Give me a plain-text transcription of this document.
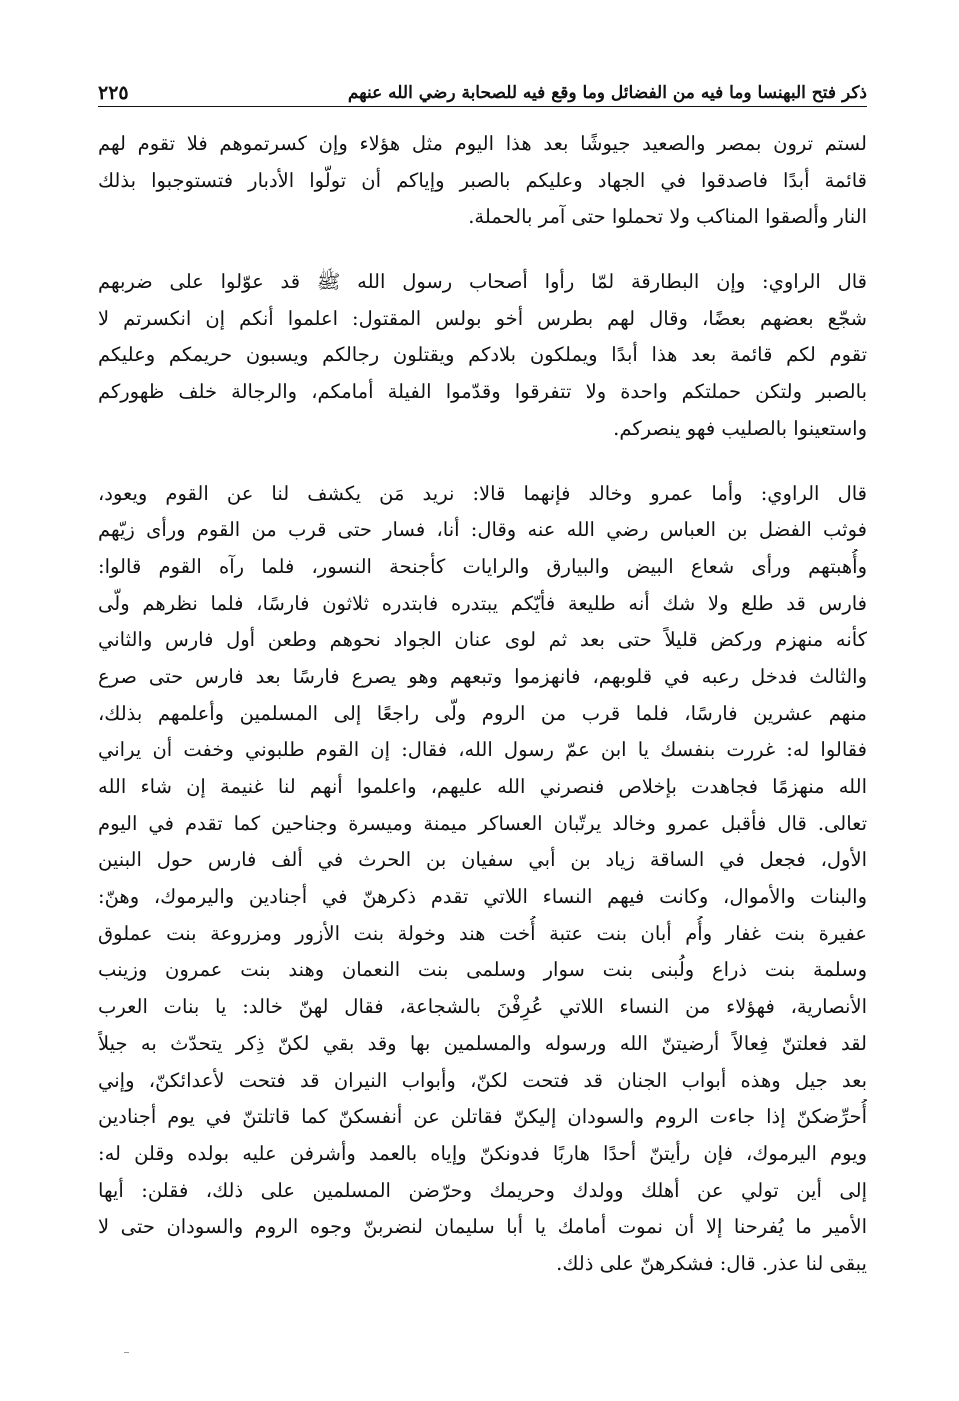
ذكر فتح البهنسا وما فيه من الفضائل وما وقع فيه للصحابة رضي الله عنهم
٢٢٥
لستم ترون بمصر والصعيد جيوشًا بعد هذا اليوم مثل هؤلاء وإن كسرتموهم فلا تقوم لهم
قائمة أبدًا فاصدقوا في الجهاد وعليكم بالصبر وإياكم أن تولّوا الأدبار فتستوجبوا بذلك
النار وألصقوا المناكب ولا تحملوا حتى آمر بالحملة.
قال الراوي: وإن البطارقة لمّا رأوا أصحاب رسول الله ﷺ قد عوّلوا على ضربهم
شجّع بعضهم بعضًا، وقال لهم بطرس أخو بولس المقتول: اعلموا أنكم إن انكسرتم لا
تقوم لكم قائمة بعد هذا أبدًا ويملكون بلادكم ويقتلون رجالكم ويسبون حريمكم وعليكم
بالصبر ولتكن حملتكم واحدة ولا تتفرقوا وقدّموا الفيلة أمامكم، والرجالة خلف ظهوركم
واستعينوا بالصليب فهو ينصركم.
قال الراوي: وأما عمرو وخالد فإنهما قالا: نريد مَن يكشف لنا عن القوم ويعود،
فوثب الفضل بن العباس رضي الله عنه وقال: أنا، فسار حتى قرب من القوم ورأى زيّهم
وأُهبتهم ورأى شعاع البيض والبيارق والرايات كأجنحة النسور، فلما رآه القوم قالوا:
فارس قد طلع ولا شك أنه طليعة فأيّكم يبتدره فابتدره ثلاثون فارسًا، فلما نظرهم ولّى
كأنه منهزم وركض قليلاً حتى بعد ثم لوى عنان الجواد نحوهم وطعن أول فارس والثاني
والثالث فدخل رعبه في قلوبهم، فانهزموا وتبعهم وهو يصرع فارسًا بعد فارس حتى صرع
منهم عشرين فارسًا، فلما قرب من الروم ولّى راجعًا إلى المسلمين وأعلمهم بذلك،
فقالوا له: غررت بنفسك يا ابن عمّ رسول الله، فقال: إن القوم طلبوني وخفت أن يراني
الله منهزمًا فجاهدت بإخلاص فنصرني الله عليهم، واعلموا أنهم لنا غنيمة إن شاء الله
تعالى. قال فأقبل عمرو وخالد يرتّبان العساكر ميمنة وميسرة وجناحين كما تقدم في اليوم
الأول، فجعل في الساقة زياد بن أبي سفيان بن الحرث في ألف فارس حول البنين
والبنات والأموال، وكانت فيهم النساء اللاتي تقدم ذكرهنّ في أجنادين واليرموك، وهنّ:
عفيرة بنت غفار وأُم أبان بنت عتبة أُخت هند وخولة بنت الأزور ومزروعة بنت عملوق
وسلمة بنت ذراع ولُبنى بنت سوار وسلمى بنت النعمان وهند بنت عمرون وزينب
الأنصارية، فهؤلاء من النساء اللاتي عُرِفْنَ بالشجاعة، فقال لهنّ خالد: يا بنات العرب
لقد فعلتنّ فِعالاً أرضيتنّ الله ورسوله والمسلمين بها وقد بقي لكنّ ذِكر يتحدّث به جيلاً
بعد جيل وهذه أبواب الجنان قد فتحت لكنّ، وأبواب النيران قد فتحت لأعدائكنّ، وإني
أُحرِّضكنّ إذا جاءت الروم والسودان إليكنّ فقاتلن عن أنفسكنّ كما قاتلتنّ في يوم أجنادين
ويوم اليرموك، فإن رأيتنّ أحدًا هاربًا فدونكنّ وإياه بالعمد وأشرفن عليه بولده وقلن له:
إلى أين تولي عن أهلك وولدك وحريمك وحرّضن المسلمين على ذلك، فقلن: أيها
الأمير ما يُفرحنا إلا أن نموت أمامك يا أبا سليمان لنضربنّ وجوه الروم والسودان حتى لا
يبقى لنا عذر. قال: فشكرهنّ على ذلك.
